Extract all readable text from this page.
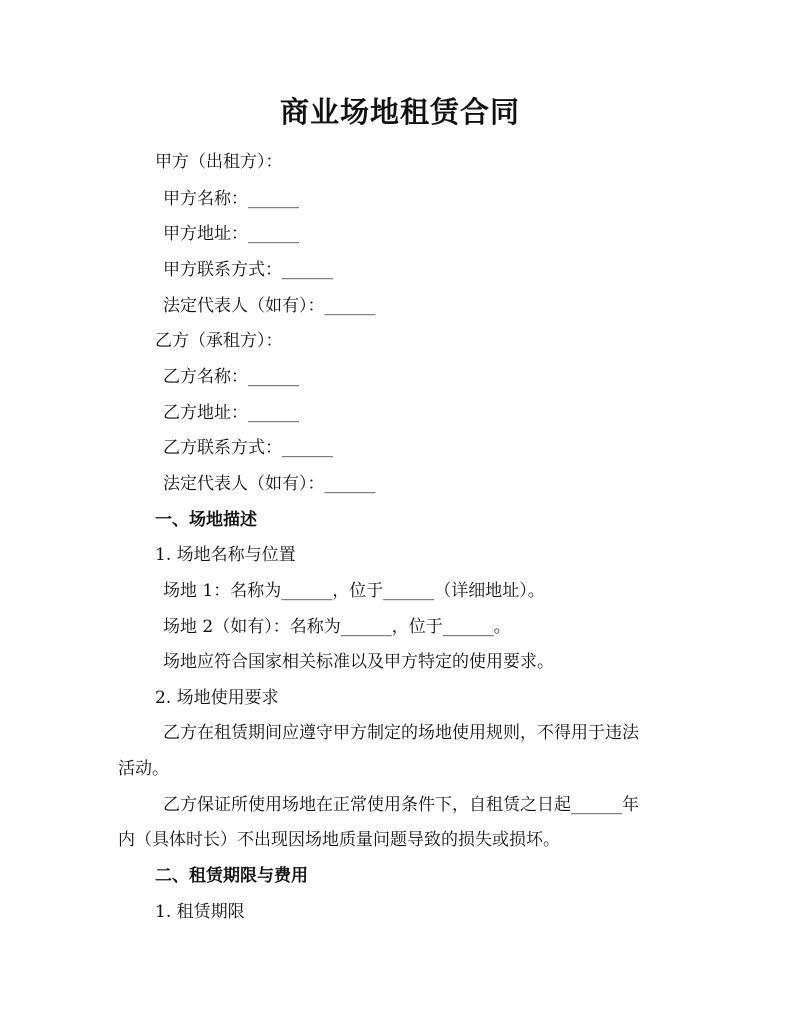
商业场地租赁合同
甲方（出租方）：
甲方名称：______
甲方地址：______
甲方联系方式：______
法定代表人（如有）：______
乙方（承租方）：
乙方名称：______
乙方地址：______
乙方联系方式：______
法定代表人（如有）：______
一、场地描述
1. 场地名称与位置
场地 1：名称为______，位于______（详细地址）。
场地 2（如有）：名称为______，位于______。
场地应符合国家相关标准以及甲方特定的使用要求。
2. 场地使用要求
乙方在租赁期间应遵守甲方制定的场地使用规则，不得用于违法
活动。
乙方保证所使用场地在正常使用条件下，自租赁之日起______年
内（具体时长）不出现因场地质量问题导致的损失或损坏。
二、租赁期限与费用
1. 租赁期限
